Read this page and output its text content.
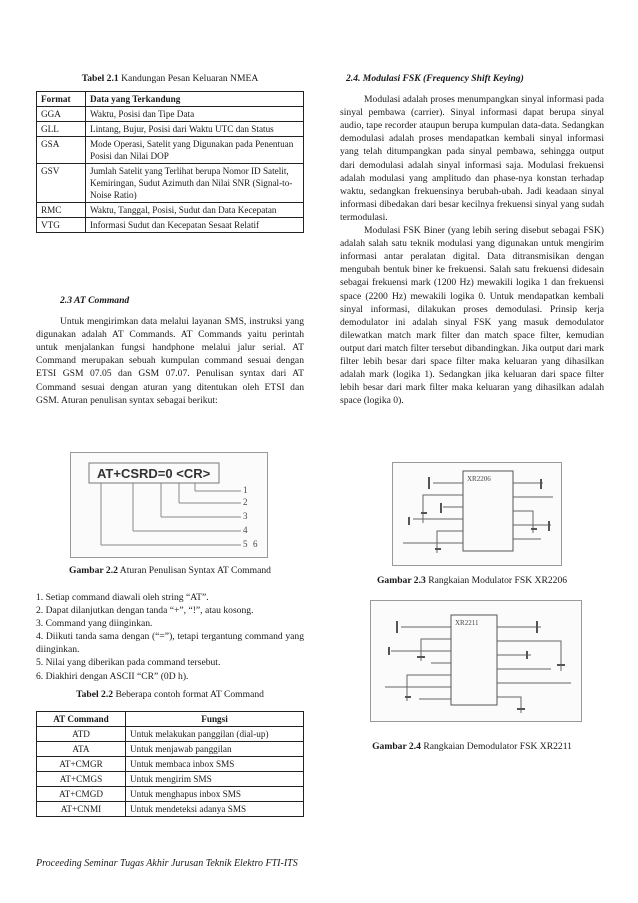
Tabel 2.1 Kandungan Pesan Keluaran NMEA
Format	Data yang Terkandung
GGA	Waktu, Posisi dan Tipe Data
GLL	Lintang, Bujur, Posisi dari Waktu UTC dan Status
GSA	Mode Operasi, Satelit yang Digunakan pada Penentuan Posisi dan Nilai DOP
GSV	Jumlah Satelit yang Terlihat berupa Nomor ID Satelit, Kemiringan, Sudut Azimuth dan Nilai SNR (Signal-to-Noise Ratio)
RMC	Waktu, Tanggal, Posisi, Sudut dan Data Kecepatan
VTG	Informasi Sudut dan Kecepatan Sesaat Relatif
2.3 AT Command

Untuk mengirimkan data melalui layanan SMS, instruksi yang digunakan adalah AT Commands. AT Commands yaitu perintah untuk menjalankan fungsi handphone melalui jalur serial. AT Command merupakan sebuah kumpulan command sesuai dengan ETSI GSM 07.05 dan GSM 07.07. Penulisan syntax dari AT Command sesuai dengan aturan yang ditentukan oleh ETSI dan GSM. Aturan penulisan syntax sebagai berikut:

AT+CSRD=0 <CR>
1
2
3
4
5 6
Gambar 2.2 Aturan Penulisan Syntax AT Command

1. Setiap command diawali oleh string “AT”.

2. Dapat dilanjutkan dengan tanda “+”, “!”, atau kosong.

3. Command yang diinginkan.

4. Diikuti tanda sama dengan (“=”), tetapi tergantung command yang diinginkan.

5. Nilai yang diberikan pada command tersebut.

6. Diakhiri dengan ASCII “CR” (0D h).

Tabel 2.2 Beberapa contoh format AT Command
AT Command	Fungsi
ATD	Untuk melakukan panggilan (dial-up)
ATA	Untuk menjawab panggilan
AT+CMGR	Untuk membaca inbox SMS
AT+CMGS	Untuk mengirim SMS
AT+CMGD	Untuk menghapus inbox SMS
AT+CNMI	Untuk mendeteksi adanya SMS
2.4. Modulasi FSK (Frequency Shift Keying)

Modulasi adalah proses menumpangkan sinyal informasi pada sinyal pembawa (carrier). Sinyal informasi dapat berupa sinyal audio, tape recorder ataupun berupa kumpulan data-data. Sedangkan demodulasi adalah proses mendapatkan kembali sinyal informasi yang telah ditumpangkan pada sinyal pembawa, sehingga output dari demodulasi adalah sinyal informasi saja. Modulasi frekuensi adalah modulasi yang amplitudo dan phase-nya konstan terhadap waktu, sedangkan frekuensinya berubah-ubah. Jadi keadaan sinyal informasi dibedakan dari besar kecilnya frekuensi sinyal yang sudah termodulasi.

Modulasi FSK Biner (yang lebih sering disebut sebagai FSK) adalah salah satu teknik modulasi yang digunakan untuk mengirim informasi antar peralatan digital. Data ditransmisikan dengan mengubah bentuk biner ke frekuensi. Salah satu frekuensi didesain sebagai frekuensi mark (1200 Hz) mewakili logika 1 dan frekuensi space (2200 Hz) mewakili logika 0. Untuk mendapatkan kembali sinyal informasi, dilakukan proses demodulasi. Prinsip kerja demodulator ini adalah sinyal FSK yang masuk demodulator dilewatkan match mark filter dan match space filter, kemudian output dari match filter tersebut dibandingkan. Jika output dari mark filter lebih besar dari space filter maka keluaran yang dihasilkan adalah mark (logika 1). Sedangkan jika keluaran dari space filter lebih besar dari mark filter maka keluaran yang dihasilkan adalah space (logika 0).

XR2206
Gambar 2.3 Rangkaian Modulator FSK XR2206
XR2211
Gambar 2.4 Rangkaian Demodulator FSK XR2211
Proceeding Seminar Tugas Akhir Jurusan Teknik Elektro FTI-ITS
